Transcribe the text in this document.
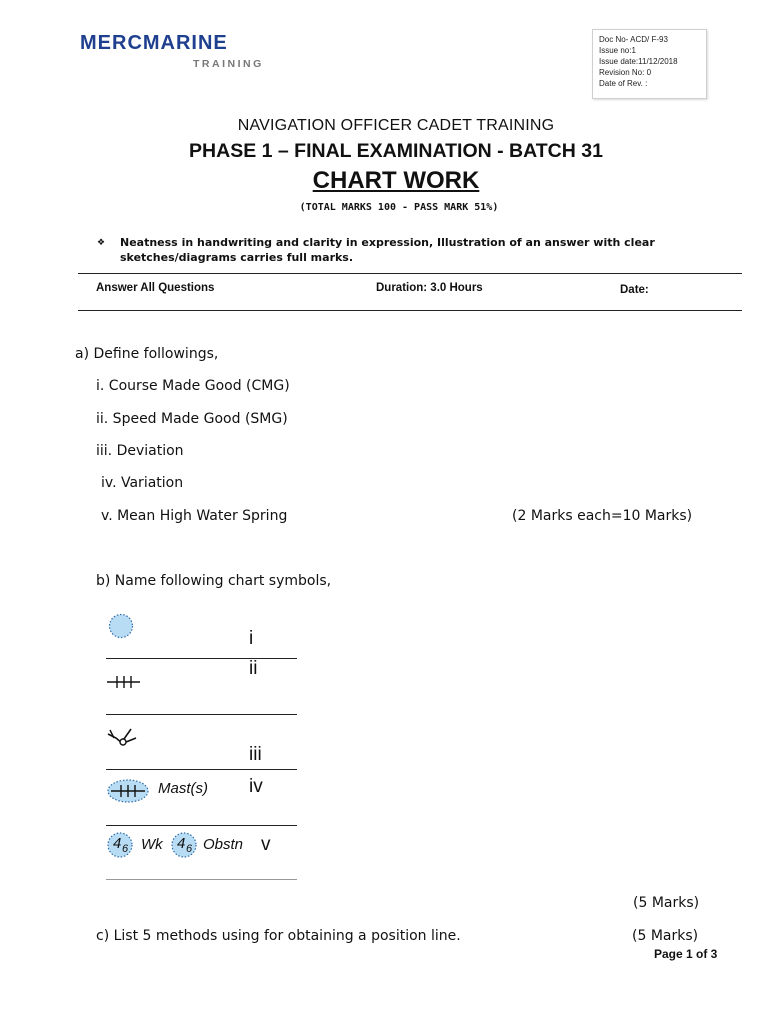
MERCMARINE
TRAINING
Doc No- ACD/ F-93
Issue no:1
Issue date:11/12/2018
Revision No: 0
Date of Rev. :
NAVIGATION OFFICER CADET TRAINING
PHASE 1 – FINAL EXAMINATION - BATCH 31
CHART WORK
(TOTAL MARKS 100 - PASS MARK 51%)
❖	Neatness in handwriting and clarity in expression, Illustration of an answer with clear sketches/diagrams carries full marks.
Answer All Questions	Duration: 3.0 Hours	Date:
a) Define followings,
i. Course Made Good (CMG)
ii. Speed Made Good (SMG)
iii. Deviation
iv. Variation
v. Mean High Water Spring	(2 Marks each=10 Marks)
b) Name following chart symbols,
i
ii
iii
Mast(s) iv
4 6 Wk 4 6 Obstn v
(5 Marks)
c) List 5 methods using for obtaining a position line.	(5 Marks)
Page 1 of 3
